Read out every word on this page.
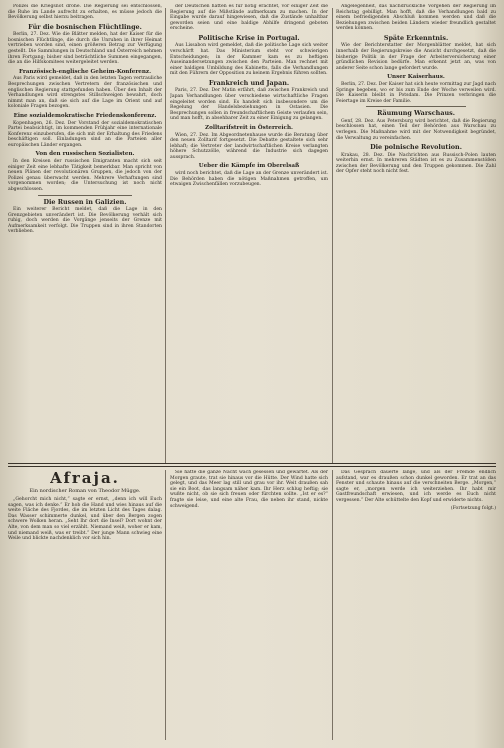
Polizei die Kriegsnot drohe. Die Regierung sei entschlossen, die Ruhe im Lande aufrecht zu erhalten, es müsse jedoch die Bevölkerung selbst hierzu beitragen.

Für die bosnischen Flüchtlinge.

Berlin, 27. Dez. Wie die Blätter melden, hat der Kaiser für die bosnischen Flüchtlinge, die durch die Unruhen in ihrer Heimat vertrieben worden sind, einen größeren Betrag zur Verfügung gestellt. Die Sammlungen in Deutschland und Österreich nehmen ihren Fortgang; bisher sind beträchtliche Summen eingegangen, die an die Hilfskomitees weitergeleitet werden.

Französisch-englische Geheim-Konferenz.

Aus Paris wird gemeldet, daß in den letzten Tagen vertrauliche Besprechungen zwischen Vertretern der französischen und englischen Regierung stattgefunden haben. Über den Inhalt der Verhandlungen wird strengstes Stillschweigen bewahrt, doch nimmt man an, daß sie sich auf die Lage im Orient und auf koloniale Fragen bezogen.

Eine sozialdemokratische Friedenskonferenz.

Kopenhagen, 26. Dez. Der Vorstand der sozialdemokratischen Partei beabsichtigt, im kommenden Frühjahr eine internationale Konferenz einzuberufen, die sich mit der Erhaltung des Friedens beschäftigen soll. Einladungen sind an die Parteien aller europäischen Länder ergangen.

Von den russischen Sozialisten.

In den Kreisen der russischen Emigranten macht sich seit einiger Zeit eine lebhafte Tätigkeit bemerkbar. Man spricht von neuen Plänen der revolutionären Gruppen, die jedoch von der Polizei genau überwacht werden. Mehrere Verhaftungen sind vorgenommen worden; die Untersuchung ist noch nicht abgeschlossen.

Die Russen in Galizien.

Ein weiterer Bericht meldet, daß die Lage in den Grenzgebieten unverändert ist. Die Bevölkerung verhält sich ruhig, doch werden die Vorgänge jenseits der Grenze mit Aufmerksamkeit verfolgt. Die Truppen sind in ihren Standorten verblieben.

der Deutschen hatten es für nötig erachtet, vor einiger Zeit die Regierung auf die Mißstände aufmerksam zu machen. In der Eingabe wurde darauf hingewiesen, daß die Zustände unhaltbar geworden seien und eine baldige Abhilfe dringend geboten erscheine.

Politische Krise in Portugal.

Aus Lissabon wird gemeldet, daß die politische Lage sich weiter verschärft hat. Das Ministerium steht vor schwierigen Entscheidungen; in der Kammer kam es zu heftigen Auseinandersetzungen zwischen den Parteien. Man rechnet mit einer baldigen Umbildung des Kabinetts, falls die Verhandlungen mit den Führern der Opposition zu keinem Ergebnis führen sollten.

Frankreich und Japan.

Paris, 27. Dez. Der Matin erfährt, daß zwischen Frankreich und Japan Verhandlungen über verschiedene wirtschaftliche Fragen eingeleitet worden sind. Es handelt sich insbesondere um die Regelung der Handelsbeziehungen in Ostasien. Die Besprechungen sollen in freundschaftlichem Geiste verlaufen sein, und man hofft, in absehbarer Zeit zu einer Einigung zu gelangen.

Zolltarifstreit in Österreich.

Wien, 27. Dez. Im Abgeordnetenhause wurde die Beratung über den neuen Zolltarif fortgesetzt. Die Debatte gestaltete sich sehr lebhaft; die Vertreter der landwirtschaftlichen Kreise verlangten höhere Schutzzölle, während die Industrie sich dagegen aussprach.

Ueber die Kämpfe im Oberelsaß

wird noch berichtet, daß die Lage an der Grenze unverändert ist. Die Behörden haben die nötigen Maßnahmen getroffen, um etwaigen Zwischenfällen vorzubeugen.

Angelegenheit, das nachdrückliche Vorgehen der Regierung im Reichstag gebilligt. Man hofft, daß die Verhandlungen bald zu einem befriedigenden Abschluß kommen werden und daß die Beziehungen zwischen beiden Ländern wieder freundlich gestaltet werden können.

Späte Erkenntnis.

Wie der Berichterstatter der Morgenblätter meldet, hat sich innerhalb der Regierungskreise die Ansicht durchgesetzt, daß die bisherige Politik in der Frage der Arbeiterversicherung einer gründlichen Revision bedürfe. Man erkennt jetzt an, was von anderer Seite schon lange gefordert wurde.

Unser Kaiserhaus.

Berlin, 27. Dez. Der Kaiser hat sich heute vormittag zur Jagd nach Springe begeben, wo er bis zum Ende der Woche verweilen wird. Die Kaiserin bleibt in Potsdam. Die Prinzen verbringen die Feiertage im Kreise der Familie.

Räumung Warschaus.

Genf, 28. Dez. Aus Petersburg wird berichtet, daß die Regierung beschlossen hat, einen Teil der Behörden aus Warschau zu verlegen. Die Maßnahme wird mit der Notwendigkeit begründet, die Verwaltung zu vereinfachen.

Die polnische Revolution.

Krakau, 28. Dez. Die Nachrichten aus Russisch-Polen lauten weiterhin ernst. In mehreren Städten ist es zu Zusammenstößen zwischen der Bevölkerung und den Truppen gekommen. Die Zahl der Opfer steht noch nicht fest.

Afraja.
Ein nordischer Roman von Theodor Mügge.

„Gehorcht mich nicht,“ sagte er ernst, „denn ich will Euch sagen, was ich denke.“ Er hob die Hand und wies hinaus auf die weite Fläche des Fjordes, die im letzten Licht des Tages dalag. Das Wasser schimmerte dunkel, und über den Bergen zogen schwere Wolken heran. „Seht Ihr dort die Insel? Dort wohnt der Alte, von dem man so viel erzählt. Niemand weiß, woher er kam, und niemand weiß, was er treibt.“ Der junge Mann schwieg eine Weile und blickte nachdenklich vor sich hin.

Sie hatte die ganze Nacht wach gesessen und gewartet. Als der Morgen graute, trat sie hinaus vor die Hütte. Der Wind hatte sich gelegt, und das Meer lag still und grau vor ihr. Weit draußen sah sie ein Boot, das langsam näher kam. Ihr Herz schlug heftig; sie wußte nicht, ob sie sich freuen oder fürchten sollte. „Ist er es?“ fragte sie leise, und eine alte Frau, die neben ihr stand, nickte schweigend.

Das Gespräch dauerte lange, und als der Fremde endlich aufstand, war es draußen schon dunkel geworden. Er trat an das Fenster und schaute hinaus auf die verschneiten Berge. „Morgen,“ sagte er, „morgen werde ich weiterziehen. Ihr habt mir Gastfreundschaft erwiesen, und ich werde es Euch nicht vergessen.“ Der Alte schüttelte den Kopf und erwiderte nichts.

(Fortsetzung folgt.)
